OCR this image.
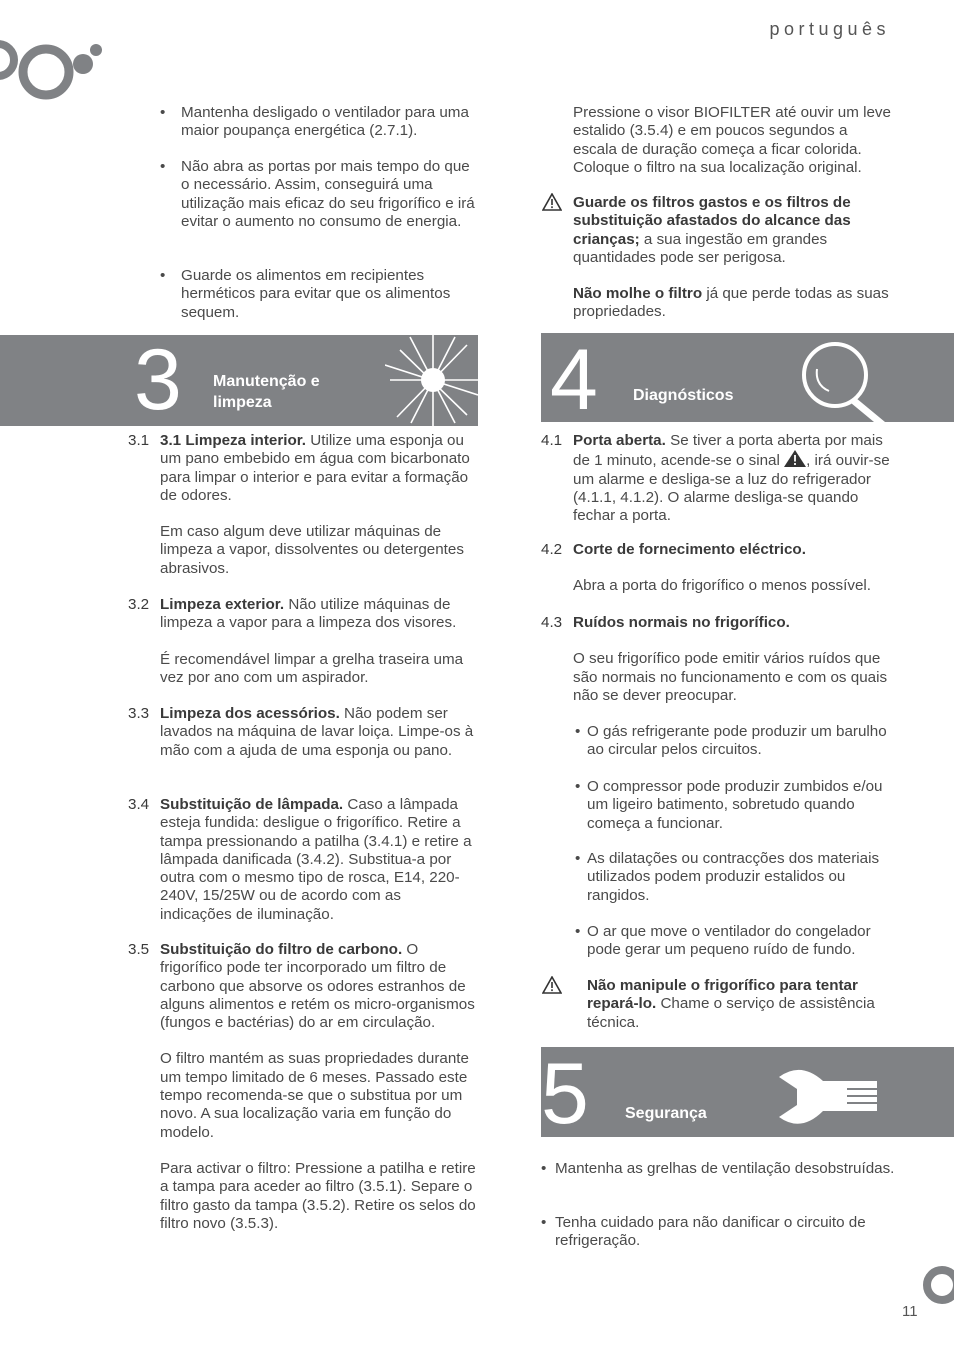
português
• Mantenha desligado o ventilador para uma maior poupança energética (2.7.1).

• Não abra as portas por mais tempo do que o necessário. Assim, conseguirá uma utilização mais eficaz do seu frigorífico e irá evitar o aumento no consumo de energia.

• Guarde os alimentos em recipientes herméticos para evitar que os alimentos sequem.

3 Manutenção e
limpeza
3.1 3.1 Limpeza interior. Utilize uma esponja ou um pano embebido em água com bicarbonato para limpar o interior e para evitar a formação de odores.

Em caso algum deve utilizar máquinas de limpeza a vapor, dissolventes ou detergentes abrasivos.

3.2 Limpeza exterior. Não utilize máquinas de limpeza a vapor para a limpeza dos visores.

É recomendável limpar a grelha traseira uma vez por ano com um aspirador.

3.3 Limpeza dos acessórios. Não podem ser lavados na máquina de lavar loiça. Limpe-os à mão com a ajuda de uma esponja ou pano.

3.4 Substituição de lâmpada. Caso a lâmpada esteja fundida: desligue o frigorífico. Retire a tampa pressionando a patilha (3.4.1) e retire a lâmpada danificada (3.4.2). Substitua-a por outra com o mesmo tipo de rosca, E14, 220-240V, 15/25W ou de acordo com as indicações de iluminação.

3.5 Substituição do filtro de carbono. O frigorífico pode ter incorporado um filtro de carbono que absorve os odores estranhos de alguns alimentos e retém os micro-organismos (fungos e bactérias) do ar em circulação.

O filtro mantém as suas propriedades durante um tempo limitado de 6 meses. Passado este tempo recomenda-se que o substitua por um novo. A sua localização varia em função do modelo.

Para activar o filtro: Pressione a patilha e retire a tampa para aceder ao filtro (3.5.1). Separe o filtro gasto da tampa (3.5.2). Retire os selos do filtro novo (3.5.3).

Pressione o visor BIOFILTER até ouvir um leve estalido (3.5.4) e em poucos segundos a escala de duração começa a ficar colorida. Coloque o filtro na sua localização original.

Guarde os filtros gastos e os filtros de substituição afastados do alcance das crianças; a sua ingestão em grandes quantidades pode ser perigosa.

Não molhe o filtro já que perde todas as suas propriedades.

4 Diagnósticos
4.1 Porta aberta. Se tiver a porta aberta por mais de 1 minuto, acende-se o sinal , irá ouvir-se um alarme e desliga-se a luz do refrigerador (4.1.1, 4.1.2). O alarme desliga-se quando fechar a porta.

4.2 Corte de fornecimento eléctrico.

Abra a porta do frigorífico o menos possível.

4.3 Ruídos normais no frigorífico.

O seu frigorífico pode emitir vários ruídos que são normais no funcionamento e com os quais não se dever preocupar.

• O gás refrigerante pode produzir um barulho ao circular pelos circuitos.

• O compressor pode produzir zumbidos e/ou um ligeiro batimento, sobretudo quando começa a funcionar.

• As dilatações ou contracções dos materiais utilizados podem produzir estalidos ou rangidos.

• O ar que move o ventilador do congelador pode gerar um pequeno ruído de fundo.

Não manipule o frigorífico para tentar repará-lo. Chame o serviço de assistência técnica.

5 Segurança
• Mantenha as grelhas de ventilação desobstruídas.

• Tenha cuidado para não danificar o circuito de refrigeração.

11
